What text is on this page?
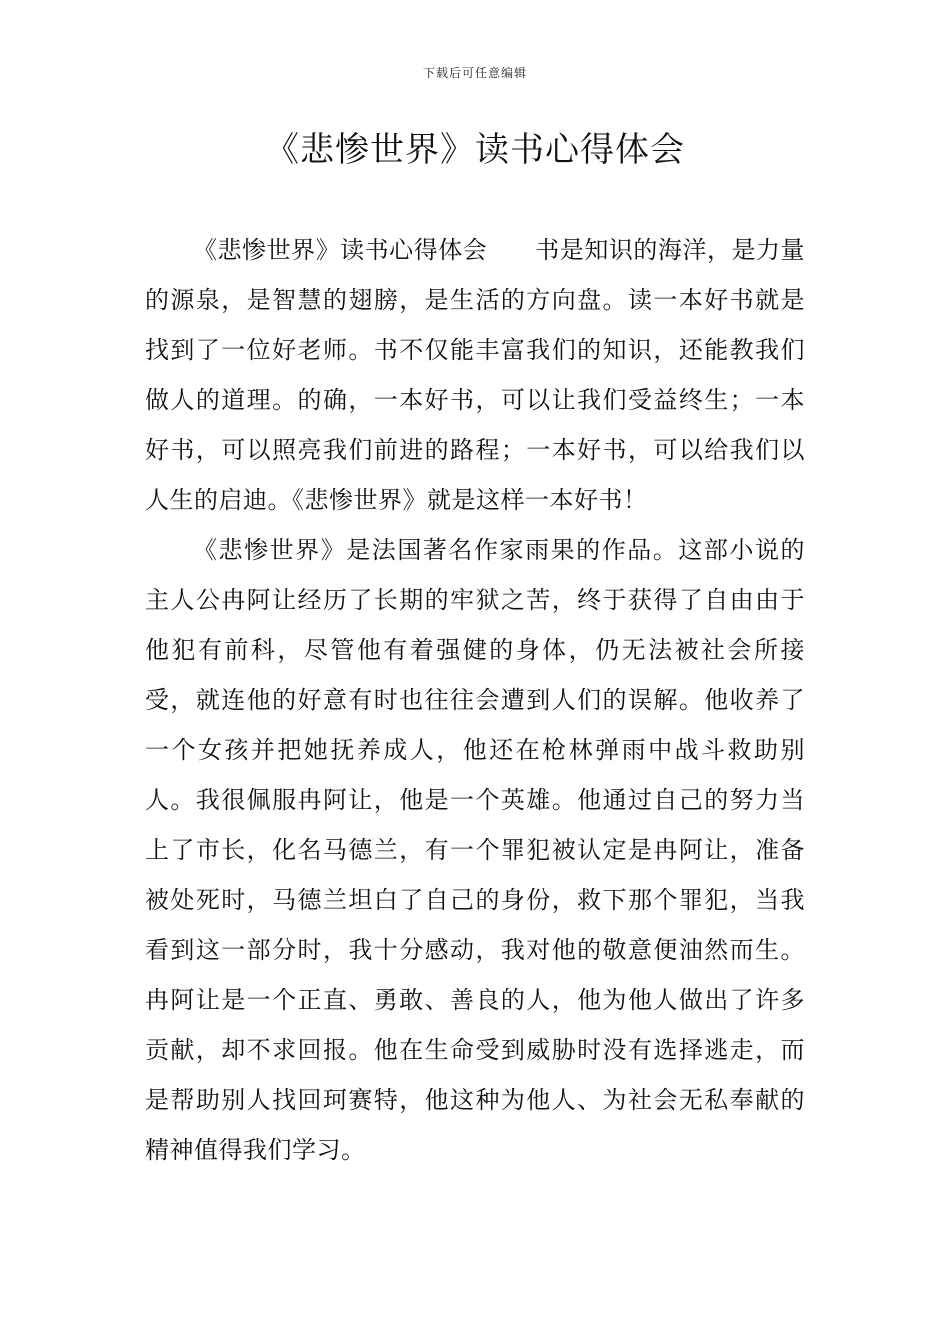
下载后可任意编辑
《悲惨世界》读书心得体会

《悲惨世界》读书心得体会 书是知识的海洋，是力量的源泉，是智慧的翅膀，是生活的方向盘。读一本好书就是找到了一位好老师。书不仅能丰富我们的知识，还能教我们做人的道理。的确，一本好书，可以让我们受益终生；一本好书，可以照亮我们前进的路程；一本好书，可以给我们以人生的启迪。《悲惨世界》就是这样一本好书！

《悲惨世界》是法国著名作家雨果的作品。这部小说的主人公冉阿让经历了长期的牢狱之苦，终于获得了自由由于他犯有前科，尽管他有着强健的身体，仍无法被社会所接受，就连他的好意有时也往往会遭到人们的误解。他收养了一个女孩并把她抚养成人，他还在枪林弹雨中战斗救助别人。我很佩服冉阿让，他是一个英雄。他通过自己的努力当上了市长，化名马德兰，有一个罪犯被认定是冉阿让，准备被处死时，马德兰坦白了自己的身份，救下那个罪犯，当我看到这一部分时，我十分感动，我对他的敬意便油然而生。冉阿让是一个正直、勇敢、善良的人，他为他人做出了许多贡献，却不求回报。他在生命受到威胁时没有选择逃走，而是帮助别人找回珂赛特，他这种为他人、为社会无私奉献的精神值得我们学习。
